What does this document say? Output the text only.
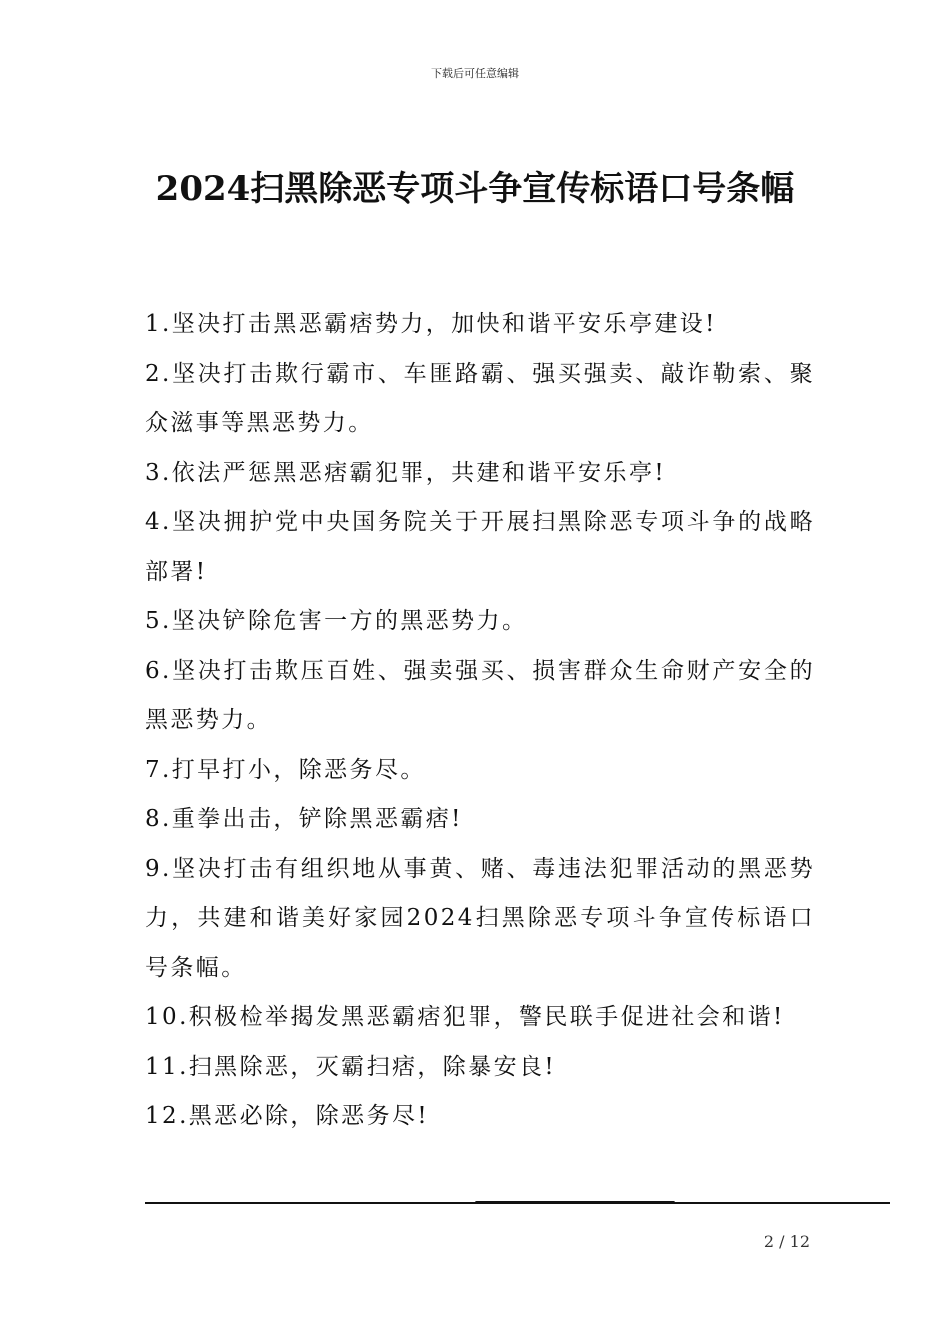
下载后可任意编辑
2024扫黑除恶专项斗争宣传标语口号条幅
1.坚决打击黑恶霸痞势力，加快和谐平安乐亭建设!
2.坚决打击欺行霸市、车匪路霸、强买强卖、敲诈勒索、聚众滋事等黑恶势力。
3.依法严惩黑恶痞霸犯罪，共建和谐平安乐亭!
4.坚决拥护党中央国务院关于开展扫黑除恶专项斗争的战略部署!
5.坚决铲除危害一方的黑恶势力。
6.坚决打击欺压百姓、强卖强买、损害群众生命财产安全的黑恶势力。
7.打早打小，除恶务尽。
8.重拳出击，铲除黑恶霸痞!
9.坚决打击有组织地从事黄、赌、毒违法犯罪活动的黑恶势力，共建和谐美好家园2024扫黑除恶专项斗争宣传标语口号条幅。
10.积极检举揭发黑恶霸痞犯罪，警民联手促进社会和谐!
11.扫黑除恶，灭霸扫痞，除暴安良!
12.黑恶必除，除恶务尽!
2 / 12
